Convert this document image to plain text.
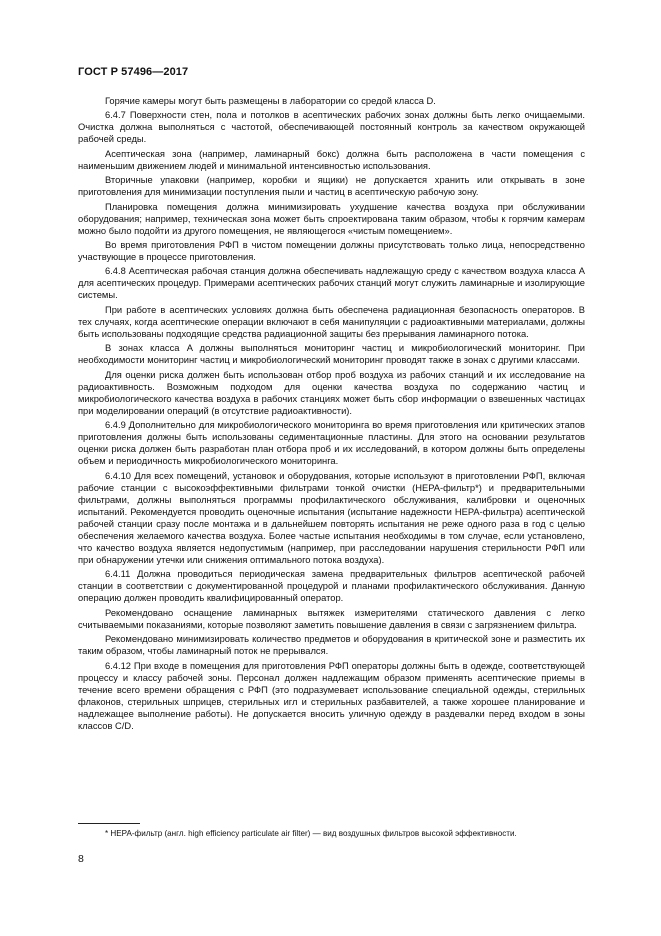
ГОСТ Р 57496—2017

Горячие камеры могут быть размещены в лаборатории со средой класса D.

6.4.7 Поверхности стен, пола и потолков в асептических рабочих зонах должны быть легко очищаемыми. Очистка должна выполняться с частотой, обеспечивающей постоянный контроль за качеством окружающей рабочей среды.

Асептическая зона (например, ламинарный бокс) должна быть расположена в части помещения с наименьшим движением людей и минимальной интенсивностью использования.

Вторичные упаковки (например, коробки и ящики) не допускается хранить или открывать в зоне приготовления для минимизации поступления пыли и частиц в асептическую рабочую зону.

Планировка помещения должна минимизировать ухудшение качества воздуха при обслуживании оборудования; например, техническая зона может быть спроектирована таким образом, чтобы к горячим камерам можно было подойти из другого помещения, не являющегося «чистым помещением».

Во время приготовления РФП в чистом помещении должны присутствовать только лица, непосредственно участвующие в процессе приготовления.

6.4.8 Асептическая рабочая станция должна обеспечивать надлежащую среду с качеством воздуха класса A для асептических процедур. Примерами асептических рабочих станций могут служить ламинарные и изолирующие системы.

При работе в асептических условиях должна быть обеспечена радиационная безопасность операторов. В тех случаях, когда асептические операции включают в себя манипуляции с радиоактивными материалами, должны быть использованы подходящие средства радиационной защиты без прерывания ламинарного потока.

В зонах класса A должны выполняться мониторинг частиц и микробиологический мониторинг. При необходимости мониторинг частиц и микробиологический мониторинг проводят также в зонах с другими классами.

Для оценки риска должен быть использован отбор проб воздуха из рабочих станций и их исследование на радиоактивность. Возможным подходом для оценки качества воздуха по содержанию частиц и микробиологического качества воздуха в рабочих станциях может быть сбор информации о взвешенных частицах при моделировании операций (в отсутствие радиоактивности).

6.4.9 Дополнительно для микробиологического мониторинга во время приготовления или критических этапов приготовления должны быть использованы седиментационные пластины. Для этого на основании результатов оценки риска должен быть разработан план отбора проб и их исследований, в котором должны быть определены объем и периодичность микробиологического мониторинга.

6.4.10 Для всех помещений, установок и оборудования, которые используют в приготовлении РФП, включая рабочие станции с высокоэффективными фильтрами тонкой очистки (HEPA-фильтр*) и предварительными фильтрами, должны выполняться программы профилактического обслуживания, калибровки и оценочных испытаний. Рекомендуется проводить оценочные испытания (испытание надежности HEPA-фильтра) асептической рабочей станции сразу после монтажа и в дальнейшем повторять испытания не реже одного раза в год с целью обеспечения желаемого качества воздуха. Более частые испытания необходимы в том случае, если установлено, что качество воздуха является недопустимым (например, при расследовании нарушения стерильности РФП или при обнаружении утечки или снижения оптимального потока воздуха).

6.4.11 Должна проводиться периодическая замена предварительных фильтров асептической рабочей станции в соответствии с документированной процедурой и планами профилактического обслуживания. Данную операцию должен проводить квалифицированный оператор.

Рекомендовано оснащение ламинарных вытяжек измерителями статического давления с легко считываемыми показаниями, которые позволяют заметить повышение давления в связи с загрязнением фильтра.

Рекомендовано минимизировать количество предметов и оборудования в критической зоне и разместить их таким образом, чтобы ламинарный поток не прерывался.

6.4.12 При входе в помещения для приготовления РФП операторы должны быть в одежде, соответствующей процессу и классу рабочей зоны. Персонал должен надлежащим образом применять асептические приемы в течение всего времени обращения с РФП (это подразумевает использование специальной одежды, стерильных флаконов, стерильных шприцев, стерильных игл и стерильных разбавителей, а также хорошее планирование и надлежащее выполнение работы). Не допускается вносить уличную одежду в раздевалки перед входом в зоны классов C/D.

* HEPA-фильтр (англ. high efficiency particulate air filter) — вид воздушных фильтров высокой эффективности.
8
